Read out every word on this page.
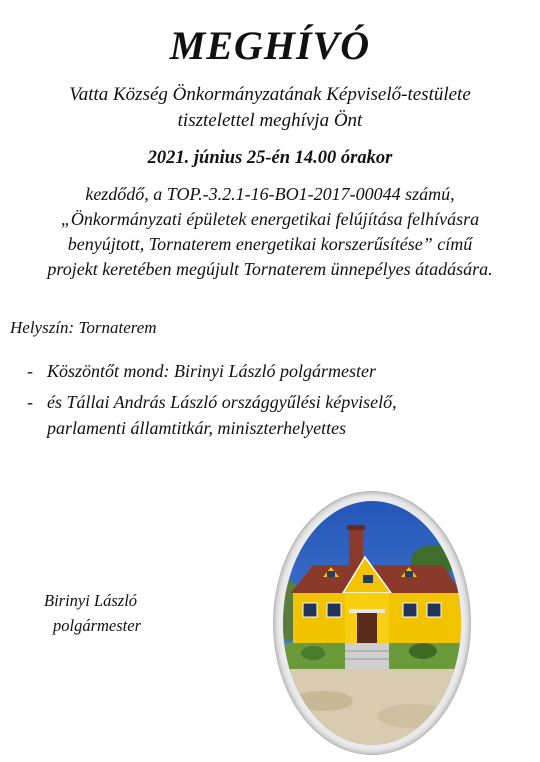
MEGHÍVÓ
Vatta Község Önkormányzatának Képviselő-testülete
tisztelettel meghívja Önt
2021. június 25-én 14.00 órakor
kezdődő, a TOP.-3.2.1-16-BO1-2017-00044 számú,
„Önkormányzati épületek energetikai felújítása felhívásra
benyújtott, Tornaterem energetikai korszerűsítése” című
projekt keretében megújult Tornaterem ünnepélyes átadására.
Helyszín: Tornaterem
- Köszöntőt mond: Birinyi László polgármester
- és Tállai András László országgyűlési képviselő,
parlamenti államtitkár, miniszterhelyettes
Birinyi László
polgármester
